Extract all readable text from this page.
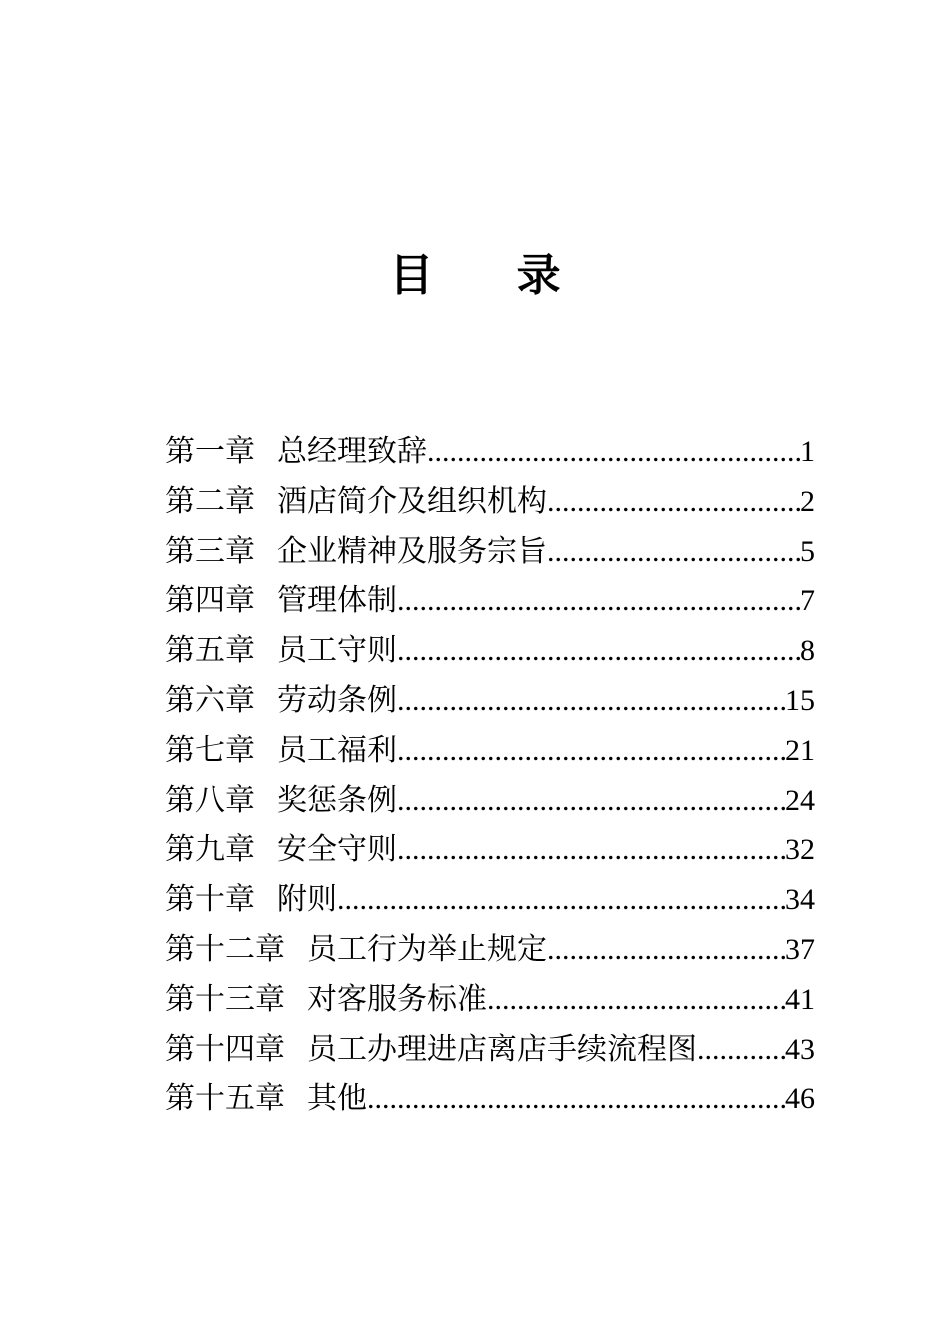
目 录
第一章 总经理致辞 .....	1
第二章 酒店简介及组织机构 .....	2
第三章 企业精神及服务宗旨 .....	5
第四章 管理体制 .....	7
第五章 员工守则 .....	8
第六章 劳动条例 .....	15
第七章 员工福利 .....	21
第八章 奖惩条例 .....	24
第九章 安全守则 .....	32
第十章 附则 .....	34
第十二章 员工行为举止规定 .....	37
第十三章 对客服务标准 .....	41
第十四章 员工办理进店离店手续流程图 .....	43
第十五章 其他 .....	46
